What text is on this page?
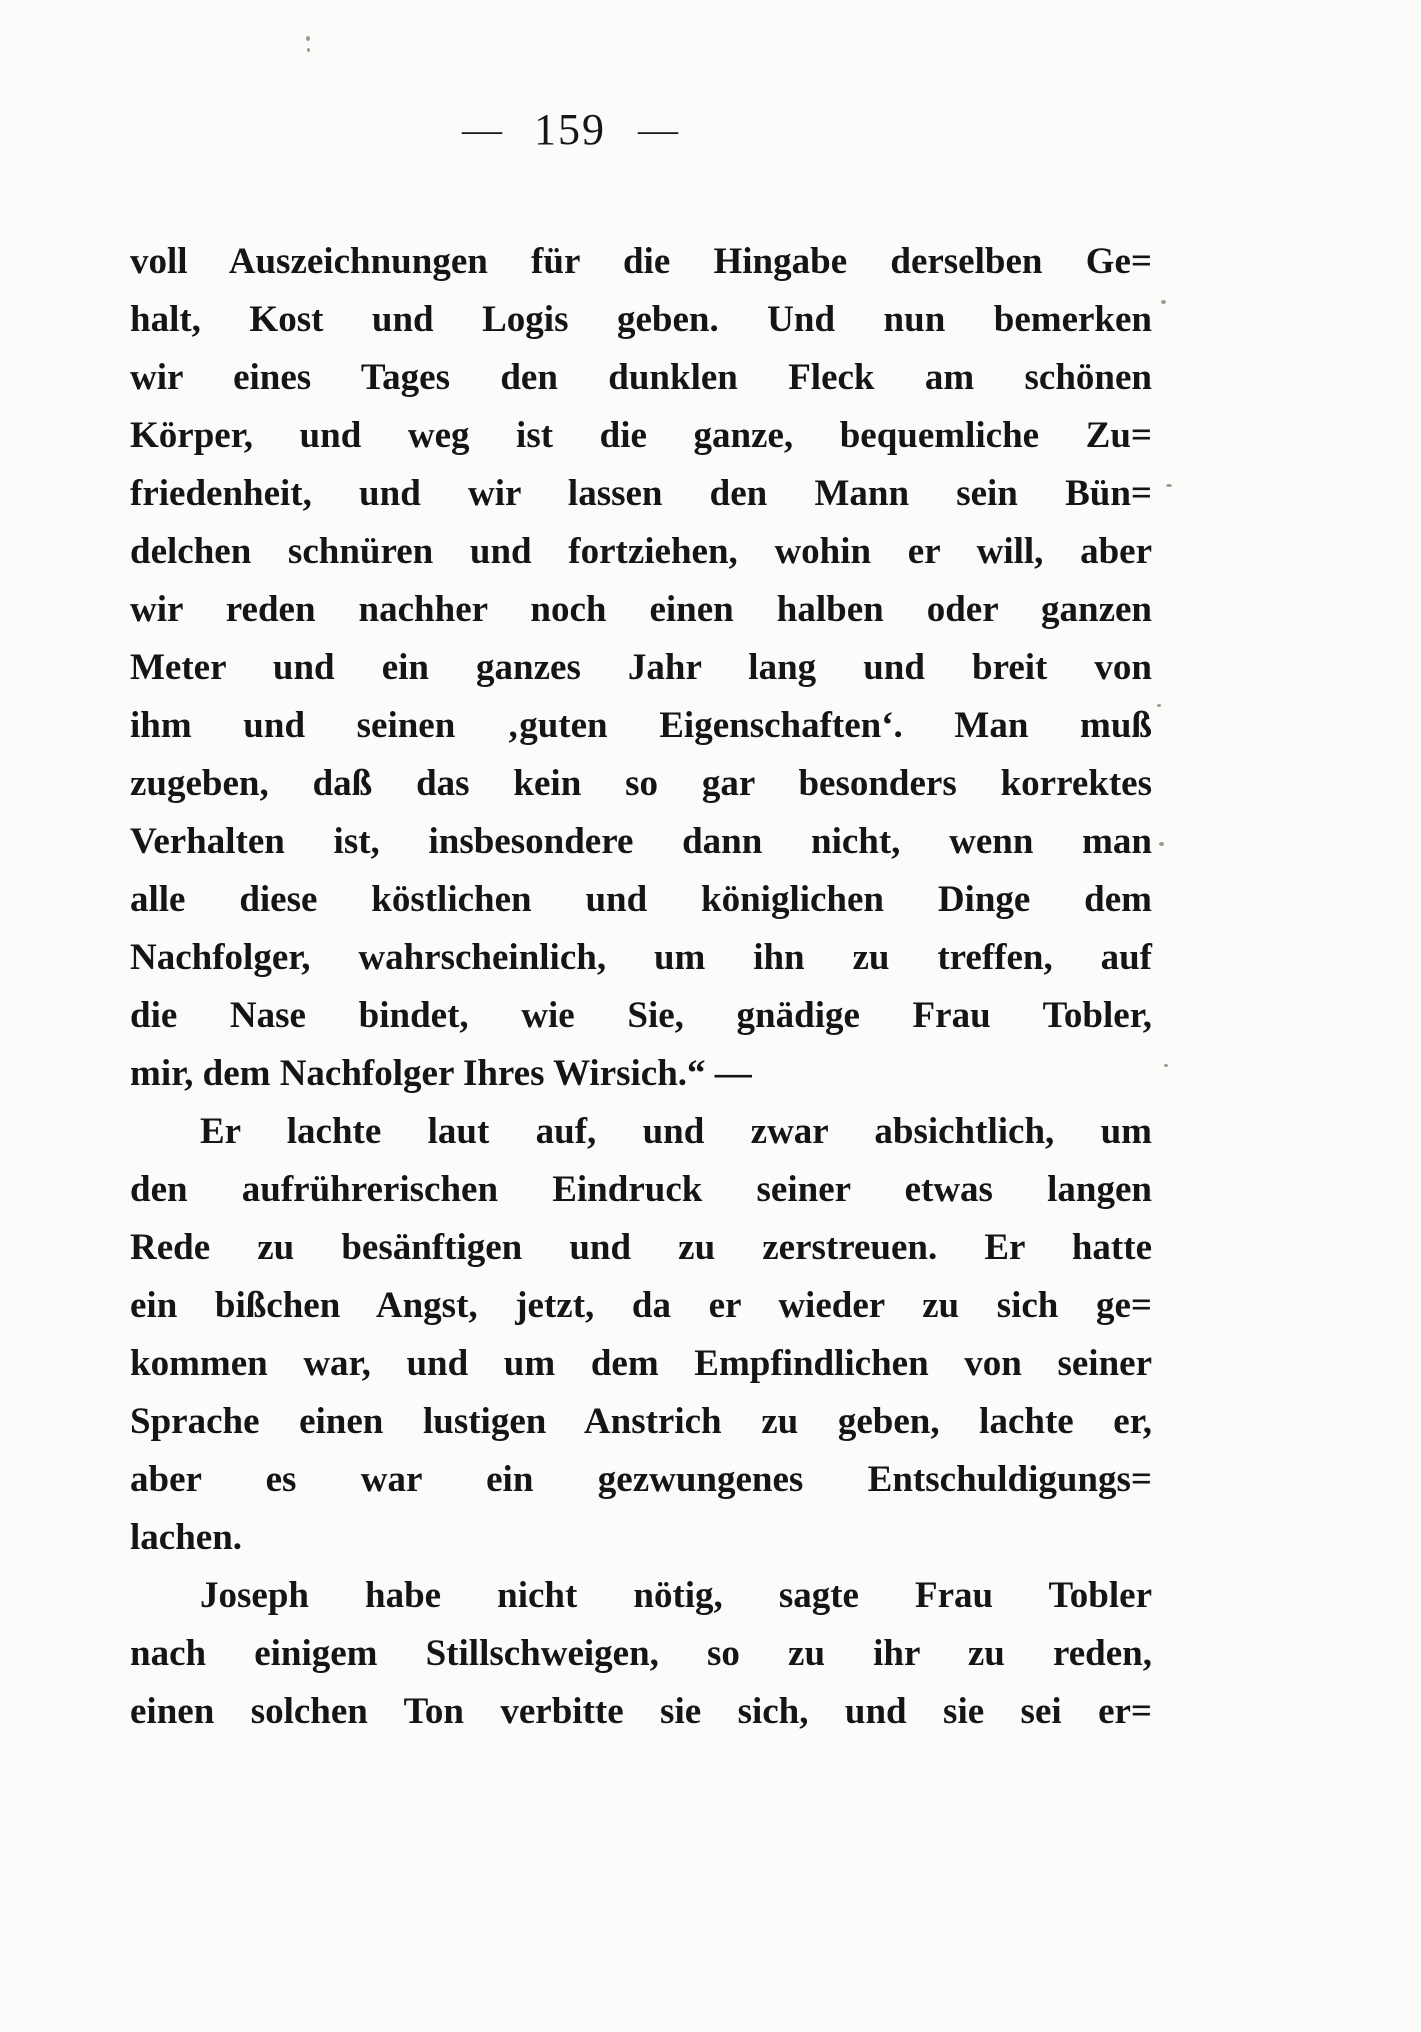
— 159 —
voll Auszeichnungen für die Hingabe derselben Ge=
halt, Kost und Logis geben. Und nun bemerken
wir eines Tages den dunklen Fleck am schönen
Körper, und weg ist die ganze, bequemliche Zu=
friedenheit, und wir lassen den Mann sein Bün=
delchen schnüren und fortziehen, wohin er will, aber
wir reden nachher noch einen halben oder ganzen
Meter und ein ganzes Jahr lang und breit von
ihm und seinen ‚guten Eigenschaften‘. Man muß
zugeben, daß das kein so gar besonders korrektes
Verhalten ist, insbesondere dann nicht, wenn man
alle diese köstlichen und königlichen Dinge dem
Nachfolger, wahrscheinlich, um ihn zu treffen, auf
die Nase bindet, wie Sie, gnädige Frau Tobler,
mir, dem Nachfolger Ihres Wirsich.“ —
Er lachte laut auf, und zwar absichtlich, um
den aufrührerischen Eindruck seiner etwas langen
Rede zu besänftigen und zu zerstreuen. Er hatte
ein bißchen Angst, jetzt, da er wieder zu sich ge=
kommen war, und um dem Empfindlichen von seiner
Sprache einen lustigen Anstrich zu geben, lachte er,
aber es war ein gezwungenes Entschuldigungs=
lachen.
Joseph habe nicht nötig, sagte Frau Tobler
nach einigem Stillschweigen, so zu ihr zu reden,
einen solchen Ton verbitte sie sich, und sie sei er=
